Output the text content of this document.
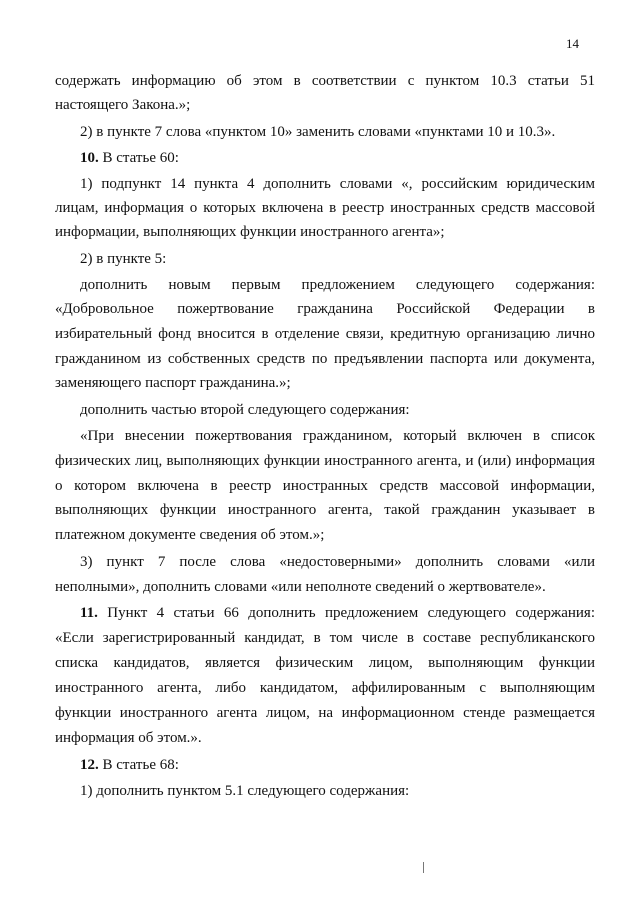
14
содержать информацию об этом в соответствии с пунктом 10.3 статьи 51
настоящего Закона.»;
2) в пункте 7 слова «пунктом 10» заменить словами «пунктами 10 и 10.3».
10. В статье 60:
1) подпункт 14 пункта 4 дополнить словами «, российским юридическим
лицам, информация о которых включена в реестр иностранных средств массовой
информации, выполняющих функции иностранного агента»;
2) в пункте 5:
дополнить новым первым предложением следующего содержания:
«Добровольное пожертвование гражданина Российской Федерации в
избирательный фонд вносится в отделение связи, кредитную организацию лично
гражданином из собственных средств по предъявлении паспорта или документа,
заменяющего паспорт гражданина.»;
дополнить частью второй следующего содержания:
«При внесении пожертвования гражданином, который включен в список
физических лиц, выполняющих функции иностранного агента, и (или) информация
о котором включена в реестр иностранных средств массовой информации,
выполняющих функции иностранного агента, такой гражданин указывает в
платежном документе сведения об этом.»;
3) пункт 7 после слова «недостоверными» дополнить словами «или
неполными», дополнить словами «или неполноте сведений о жертвователе».
11. Пункт 4 статьи 66 дополнить предложением следующего содержания:
«Если зарегистрированный кандидат, в том числе в составе республиканского
списка кандидатов, является физическим лицом, выполняющим функции
иностранного агента, либо кандидатом, аффилированным с выполняющим
функции иностранного агента лицом, на информационном стенде размещается
информация об этом.».
12. В статье 68:
1) дополнить пунктом 5.1 следующего содержания:
